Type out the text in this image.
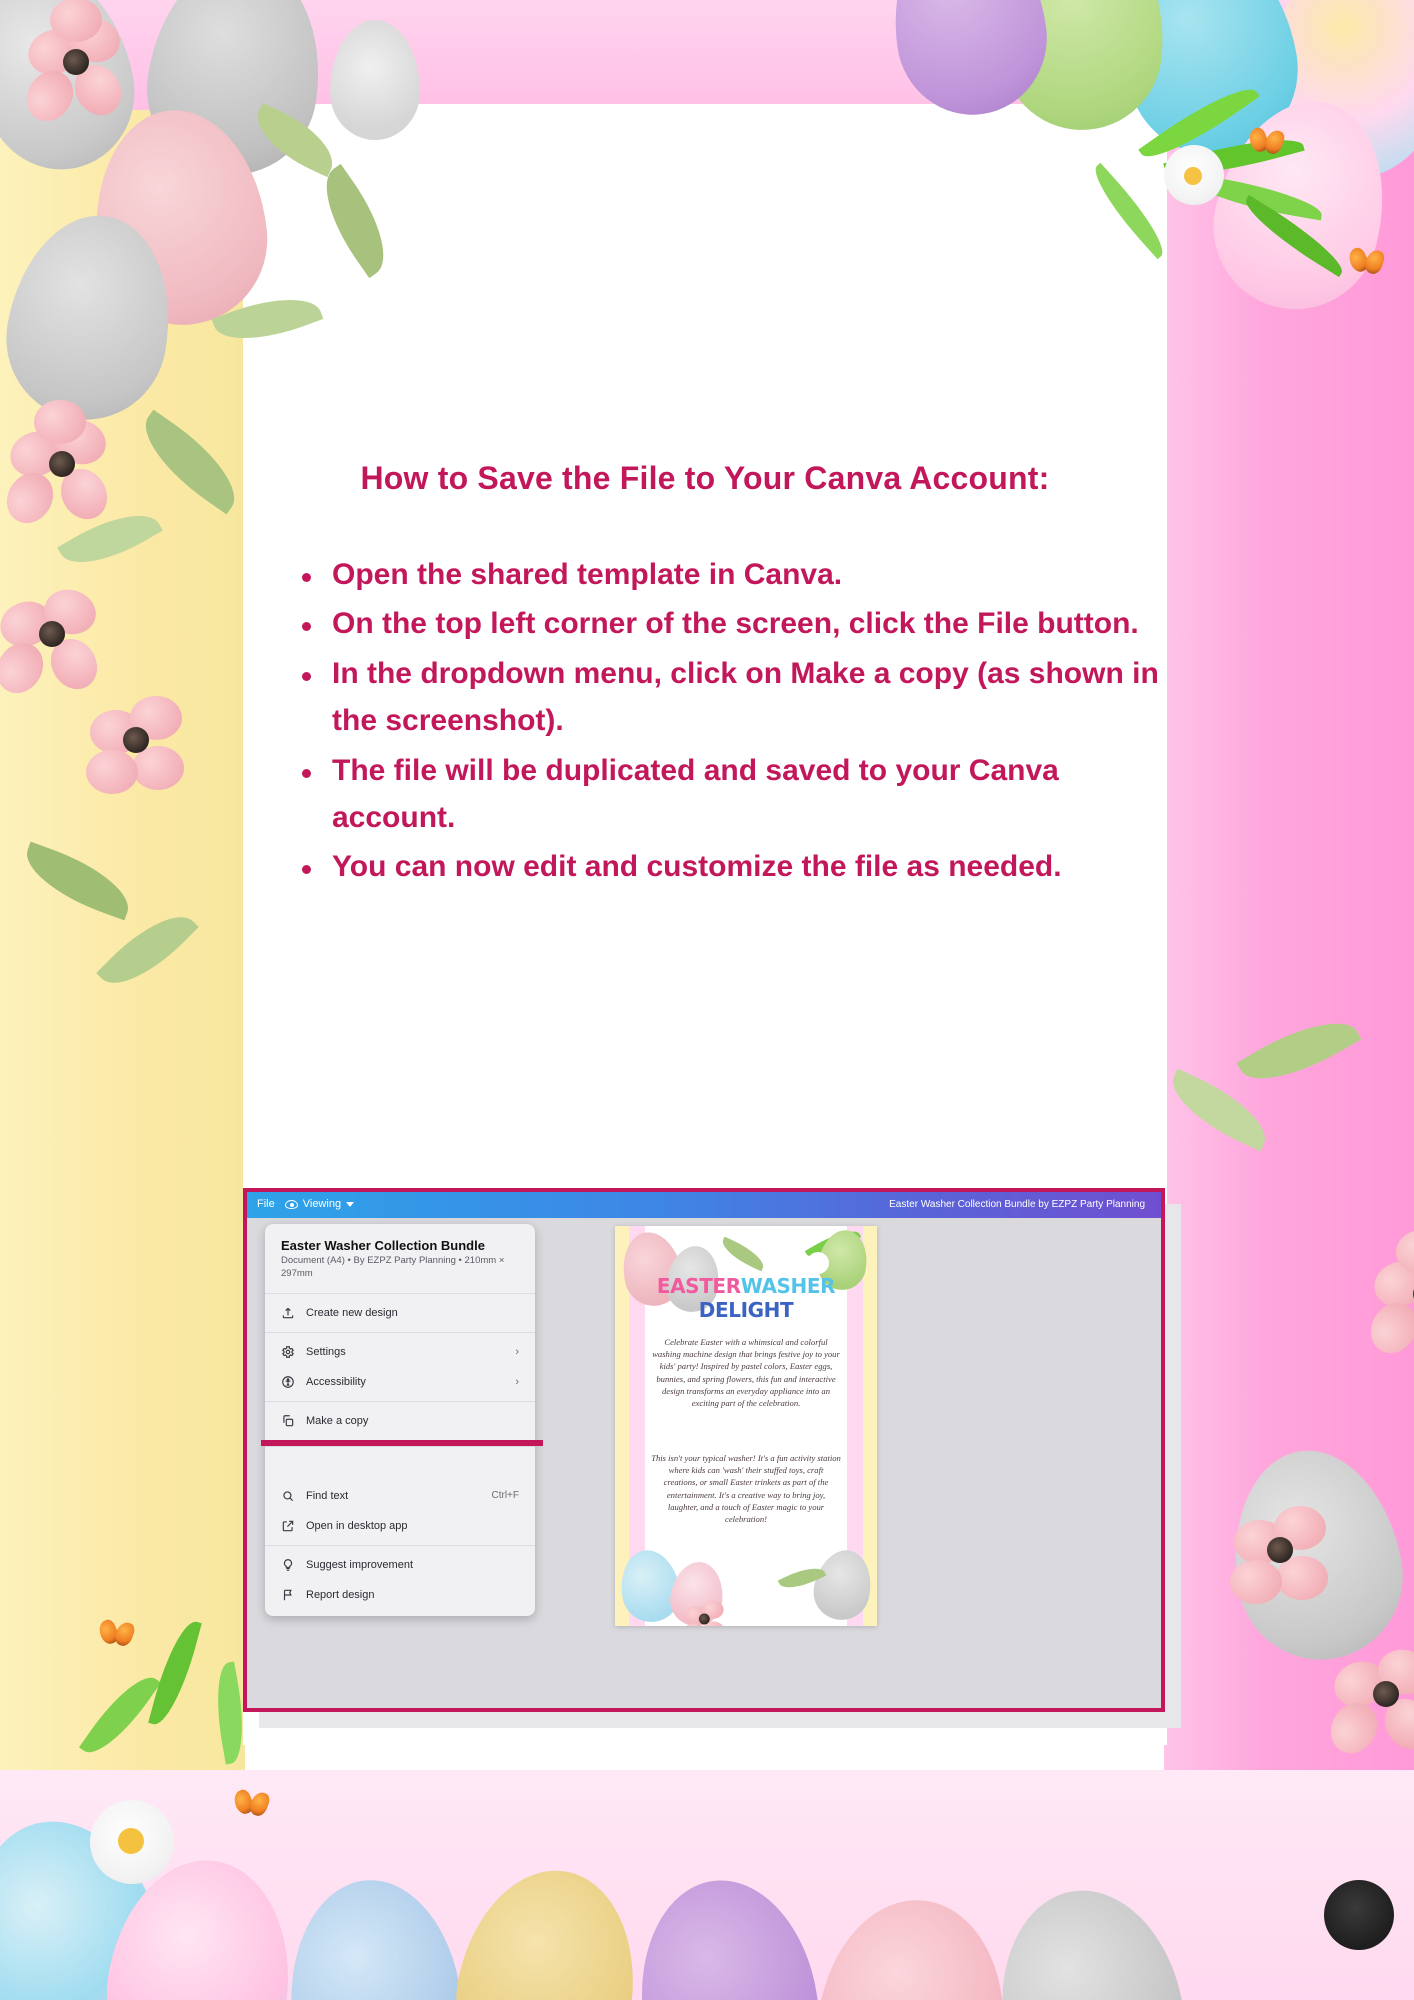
How to Save the File to Your Canva Account:
Open the shared template in Canva.
On the top left corner of the screen, click the File button.
In the dropdown menu, click on Make a copy (as shown in the screenshot).
The file will be duplicated and saved to your Canva account.
You can now edit and customize the file as needed.
File	Viewing	Easter Washer Collection Bundle by EZPZ Party Planning
Easter Washer Collection Bundle
Document (A4) • By EZPZ Party Planning • 210mm × 297mm
Create new design
Settings	›
Accessibility	›
Make a copy
Find text	Ctrl+F
Open in desktop app
Suggest improvement
Report design
EASTERWASHER
DELIGHT
Celebrate Easter with a whimsical and colorful washing machine design that brings festive joy to your kids' party! Inspired by pastel colors, Easter eggs, bunnies, and spring flowers, this fun and interactive design transforms an everyday appliance into an exciting part of the celebration.
This isn't your typical washer! It's a fun activity station where kids can 'wash' their stuffed toys, craft creations, or small Easter trinkets as part of the entertainment. It's a creative way to bring joy, laughter, and a touch of Easter magic to your celebration!
